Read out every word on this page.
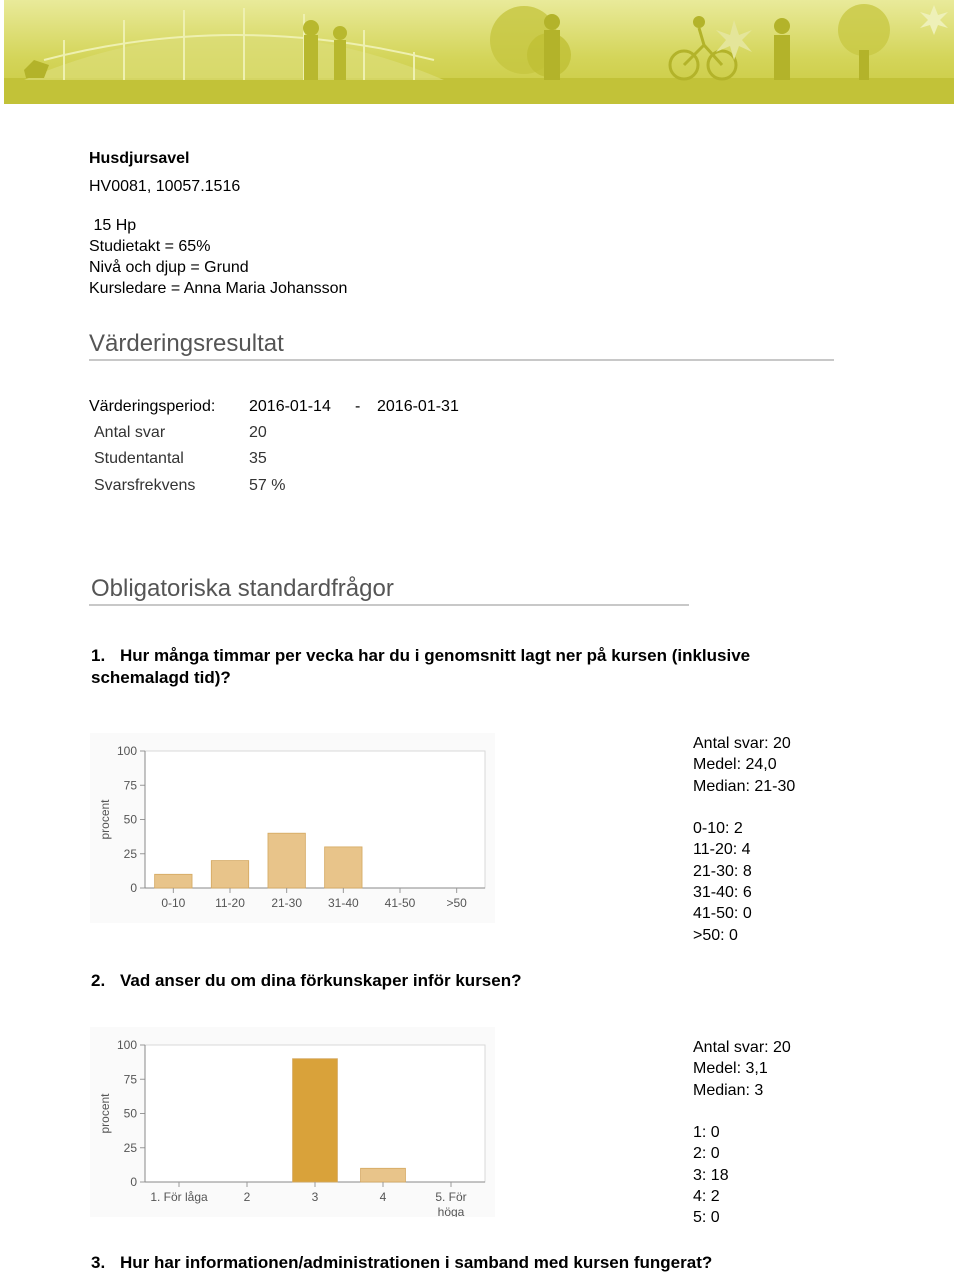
Husdjursavel
HV0081, 10057.1516
15 Hp
Studietakt = 65%
Nivå och djup = Grund
Kursledare = Anna Maria Johansson
Värderingsresultat
Värderingsperiod: 2016-01-14 - 2016-01-31
Antal svar	20
Studentantal	35
Svarsfrekvens	57 %
Obligatoriska standardfrågor
1. Hur många timmar per vecka har du i genomsnitt lagt ner på kursen (inklusive
schemalagd tid)?
100
75
50
25
0
procent
0-10 11-20 21-30 31-40 41-50	>50
Antal svar: 20
Medel: 24,0
Median: 21-30
0-10: 2
11-20: 4
21-30: 8
31-40: 6
41-50: 0
>50: 0
2. Vad anser du om dina förkunskaper inför kursen?
100
75
50
25
0
procent
1. För låga	2	3	4	5. För
höga
Antal svar: 20
Medel: 3,1
Median: 3
1: 0
2: 0
3: 18
4: 2
5: 0
3. Hur har informationen/administrationen i samband med kursen fungerat?
